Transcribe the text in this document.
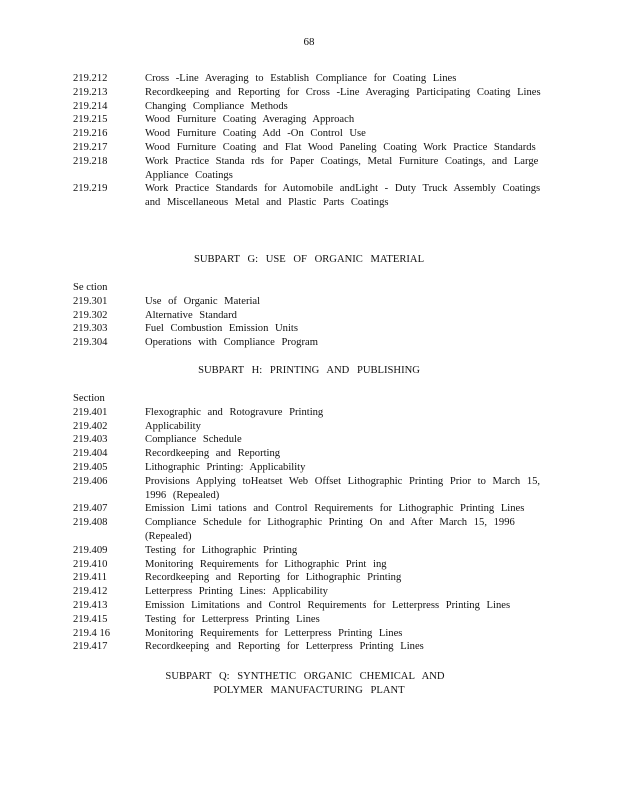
68
219.212	Cross -Line Averaging to Establish Compliance for Coating Lines
219.213	Recordkeeping and Reporting for Cross -Line Averaging Participating Coating Lines
219.214	Changing Compliance Methods
219.215	Wood Furniture Coating Averaging Approach
219.216	Wood Furniture Coating Add -On Control Use
219.217	Wood Furniture Coating and Flat Wood Paneling Coating Work Practice Standards
219.218	Work Practice Standa rds for Paper Coatings, Metal Furniture Coatings, and Large Appliance Coatings
219.219	Work Practice Standards for Automobile andLight - Duty Truck Assembly Coatings and Miscellaneous Metal and Plastic Parts Coatings
SUBPART G: USE OF ORGANIC MATERIAL
Se ction
219.301	Use of Organic Material
219.302	Alternative Standard
219.303	Fuel Combustion Emission Units
219.304	Operations with Compliance Program
SUBPART H: PRINTING AND PUBLISHING
Section
219.401	Flexographic and Rotogravure Printing
219.402	Applicability
219.403	Compliance Schedule
219.404	Recordkeeping and Reporting
219.405	Lithographic Printing: Applicability
219.406	Provisions Applying toHeatset Web Offset Lithographic Printing Prior to March 15, 1996 (Repealed)
219.407	Emission Limi tations and Control Requirements for Lithographic Printing Lines
219.408	Compliance Schedule for Lithographic Printing On and After March 15, 1996 (Repealed)
219.409	Testing for Lithographic Printing
219.410	Monitoring Requirements for Lithographic Print ing
219.411	Recordkeeping and Reporting for Lithographic Printing
219.412	Letterpress Printing Lines: Applicability
219.413	Emission Limitations and Control Requirements for Letterpress Printing Lines
219.415	Testing for Letterpress Printing Lines
219.4 16	Monitoring Requirements for Letterpress Printing Lines
219.417	Recordkeeping and Reporting for Letterpress Printing Lines
SUBPART Q: SYNTHETIC ORGANIC CHEMICAL AND
POLYMER MANUFACTURING PLANT
